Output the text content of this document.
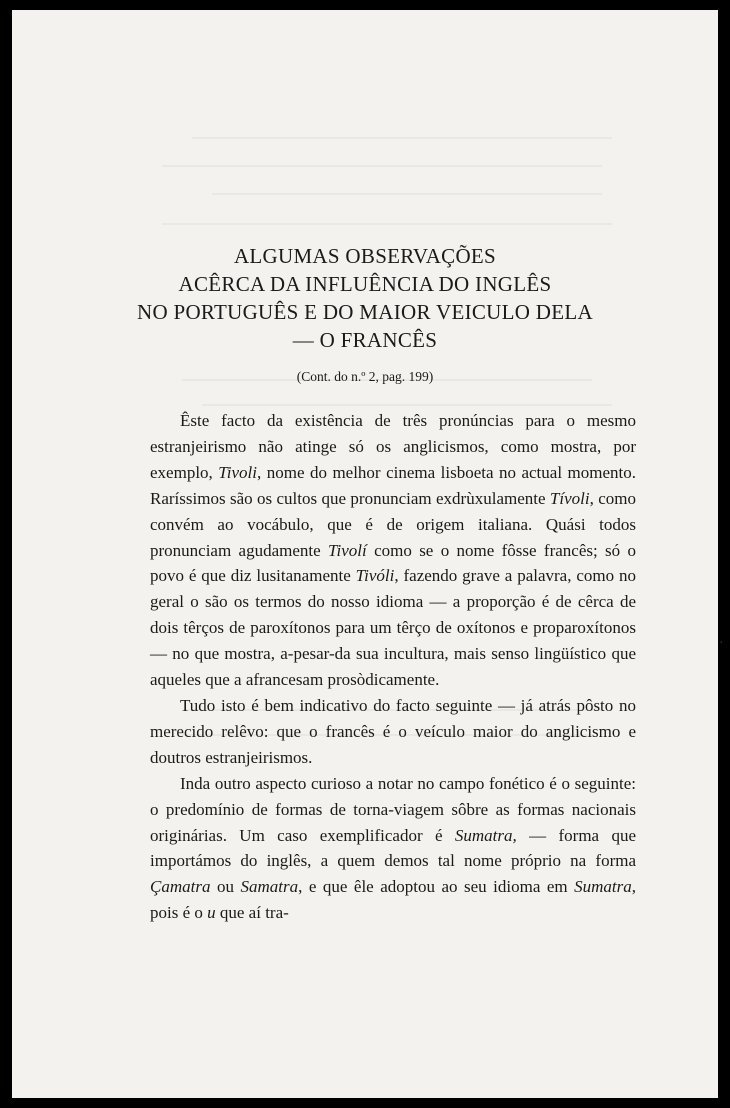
ALGUMAS OBSERVAÇÕES
ACÊRCA DA INFLUÊNCIA DO INGLÊS
NO PORTUGUÊS E DO MAIOR VEICULO DELA
— O FRANCÊS
(Cont. do n.º 2, pag. 199)

Êste facto da existência de três pronúncias para o mesmo estranjeirismo não atinge só os anglicismos, como mostra, por exemplo, Tivoli, nome do melhor cinema lisboeta no actual momento. Raríssimos são os cultos que pronunciam exdrùxulamente Tívoli, como convém ao vocábulo, que é de origem italiana. Quási todos pronunciam agudamente Tivolí como se o nome fôsse francês; só o povo é que diz lusitanamente Tivóli, fazendo grave a palavra, como no geral o são os termos do nosso idioma — a proporção é de cêrca de dois têrços de paroxítonos para um têrço de oxítonos e proparoxítonos — no que mostra, a-pesar-da sua incultura, mais senso lingüístico que aqueles que a afrancesam prosòdicamente.

Tudo isto é bem indicativo do facto seguinte — já atrás pôsto no merecido relêvo: que o francês é o veículo maior do anglicismo e doutros estranjeirismos.

Inda outro aspecto curioso a notar no campo fonético é o seguinte: o predomínio de formas de torna-viagem sôbre as formas nacionais originárias. Um caso exemplificador é Sumatra, — forma que importámos do inglês, a quem demos tal nome próprio na forma Çamatra ou Samatra, e que êle adoptou ao seu idioma em Sumatra, pois é o u que aí tra-

·
